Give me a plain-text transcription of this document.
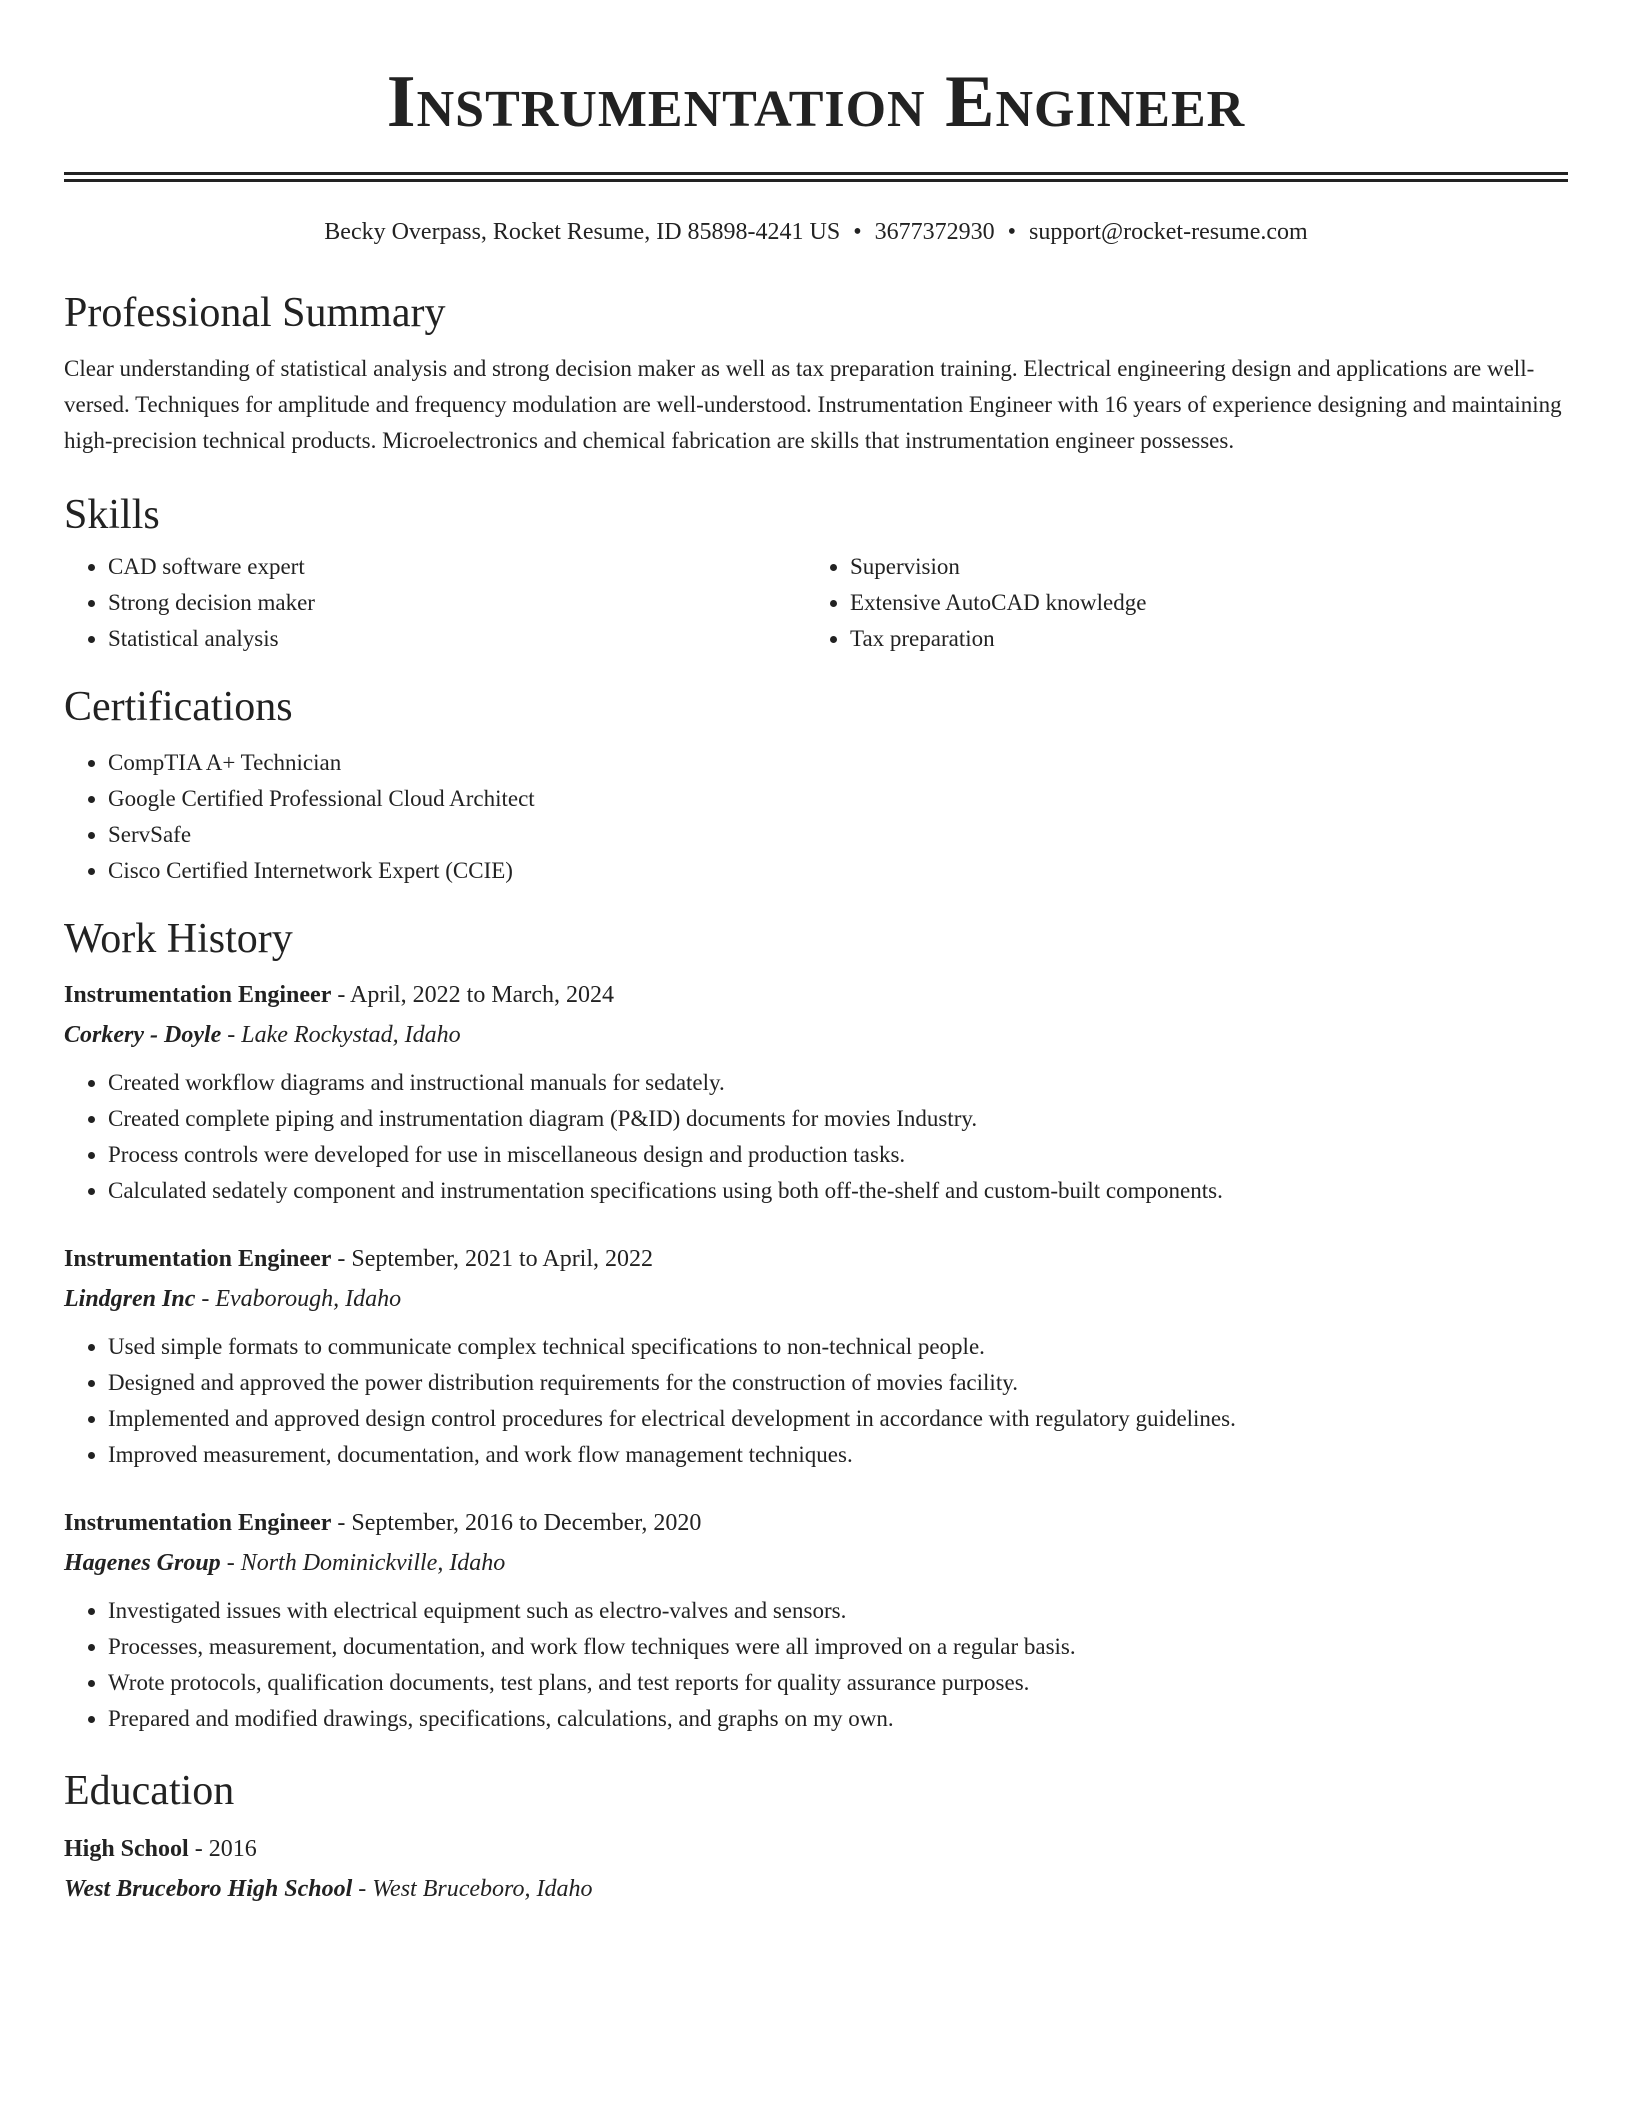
Instrumentation Engineer
Becky Overpass, Rocket Resume, ID 85898-4241 US • 3677372930 • support@rocket-resume.com
Professional Summary

Clear understanding of statistical analysis and strong decision maker as well as tax preparation training. Electrical engineering design and applications are well-versed. Techniques for amplitude and frequency modulation are well-understood. Instrumentation Engineer with 16 years of experience designing and maintaining high-precision technical products. Microelectronics and chemical fabrication are skills that instrumentation engineer possesses.

Skills
• CAD software expert
• Strong decision maker
• Statistical analysis
• Supervision
• Extensive AutoCAD knowledge
• Tax preparation
Certifications
• CompTIA A+ Technician
• Google Certified Professional Cloud Architect
• ServSafe
• Cisco Certified Internetwork Expert (CCIE)
Work History
Instrumentation Engineer - April, 2022 to March, 2024
Corkery - Doyle - Lake Rockystad, Idaho
• Created workflow diagrams and instructional manuals for sedately.
• Created complete piping and instrumentation diagram (P&ID) documents for movies Industry.
• Process controls were developed for use in miscellaneous design and production tasks.
• Calculated sedately component and instrumentation specifications using both off-the-shelf and custom-built components.
Instrumentation Engineer - September, 2021 to April, 2022
Lindgren Inc - Evaborough, Idaho
• Used simple formats to communicate complex technical specifications to non-technical people.
• Designed and approved the power distribution requirements for the construction of movies facility.
• Implemented and approved design control procedures for electrical development in accordance with regulatory guidelines.
• Improved measurement, documentation, and work flow management techniques.
Instrumentation Engineer - September, 2016 to December, 2020
Hagenes Group - North Dominickville, Idaho
• Investigated issues with electrical equipment such as electro-valves and sensors.
• Processes, measurement, documentation, and work flow techniques were all improved on a regular basis.
• Wrote protocols, qualification documents, test plans, and test reports for quality assurance purposes.
• Prepared and modified drawings, specifications, calculations, and graphs on my own.
Education
High School - 2016
West Bruceboro High School - West Bruceboro, Idaho
